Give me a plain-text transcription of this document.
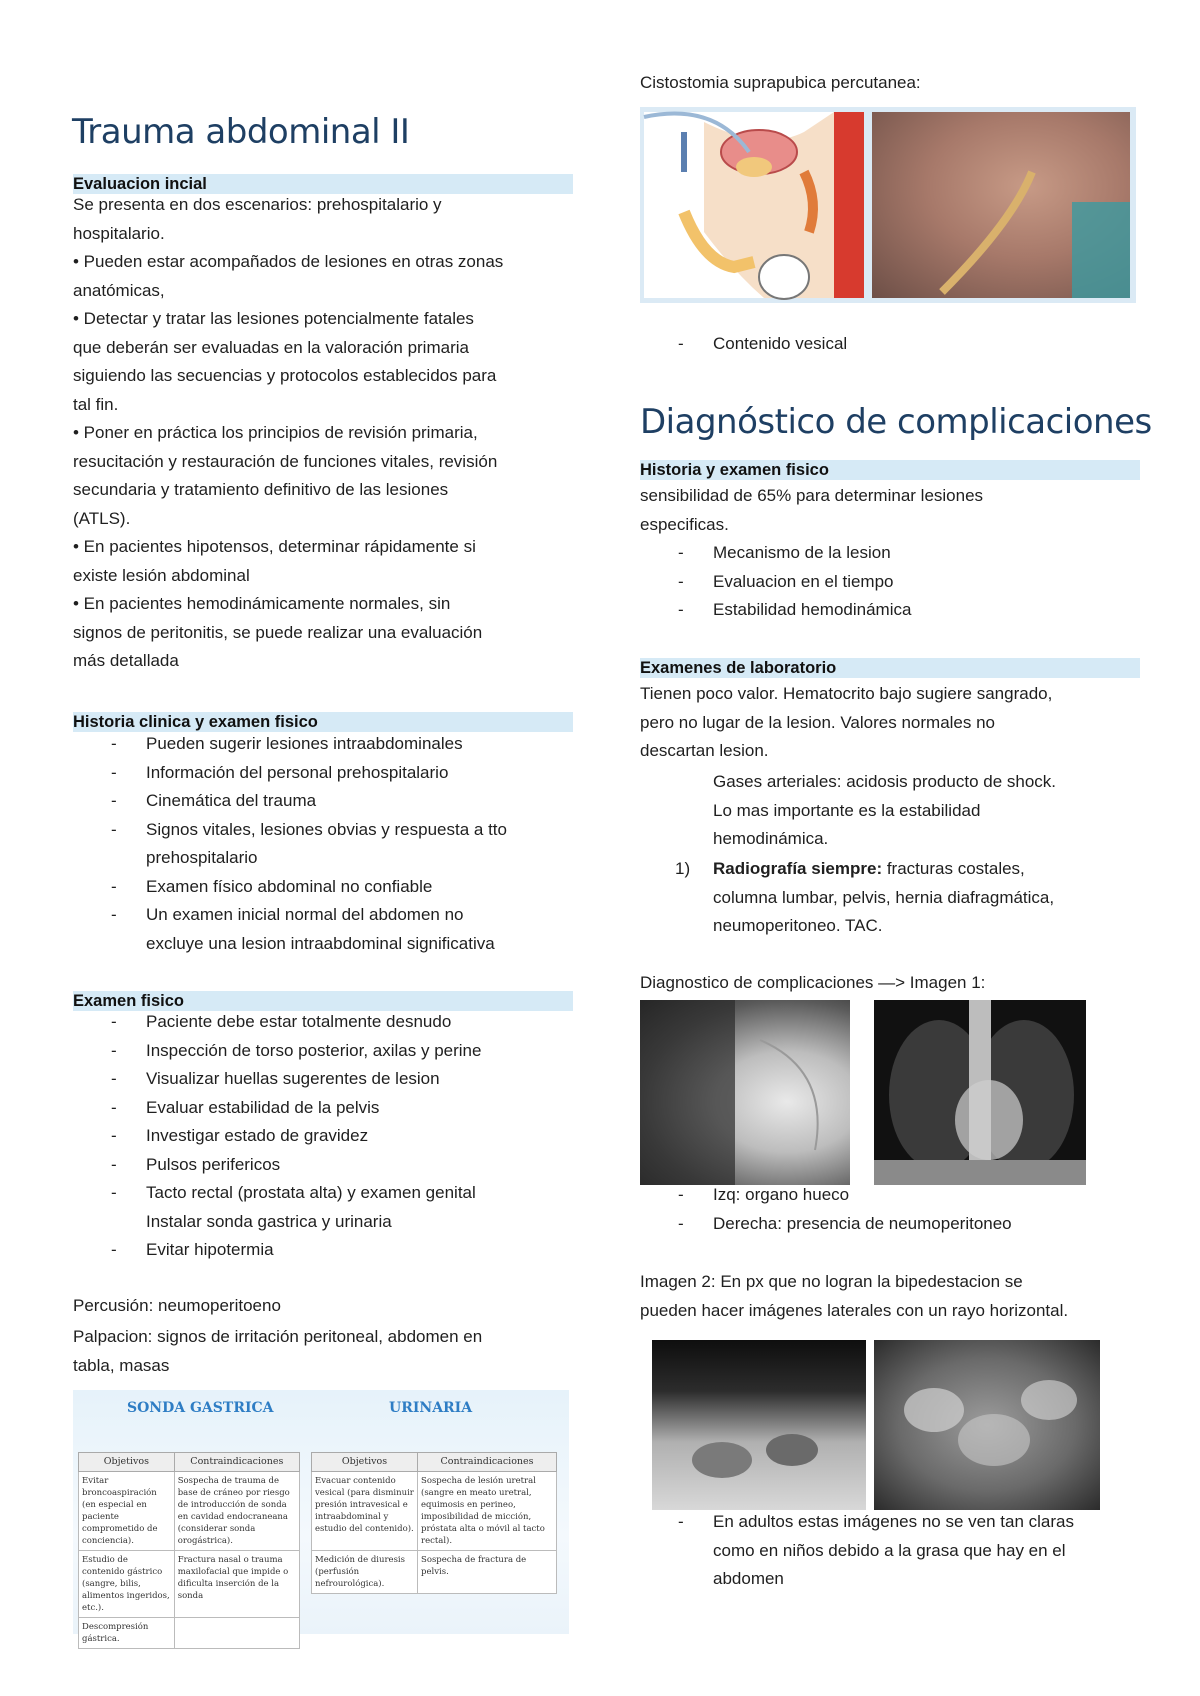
Trauma abdominal II
Evaluacion incial
Se presenta en dos escenarios: prehospitalario y
hospitalario.
• Pueden estar acompañados de lesiones en otras zonas
anatómicas,
• Detectar y tratar las lesiones potencialmente fatales
que deberán ser evaluadas en la valoración primaria
siguiendo las secuencias y protocolos establecidos para
tal fin.
• Poner en práctica los principios de revisión primaria,
resucitación y restauración de funciones vitales, revisión
secundaria y tratamiento definitivo de las lesiones
(ATLS).
• En pacientes hipotensos, determinar rápidamente si
existe lesión abdominal
• En pacientes hemodinámicamente normales, sin
signos de peritonitis, se puede realizar una evaluación
más detallada
Historia clinica y examen fisico
- Pueden sugerir lesiones intraabdominales
- Información del personal prehospitalario
- Cinemática del trauma
- Signos vitales, lesiones obvias y respuesta a tto
prehospitalario
- Examen físico abdominal no confiable
- Un examen inicial normal del abdomen no
excluye una lesion intraabdominal significativa
Examen fisico
- Paciente debe estar totalmente desnudo
- Inspección de torso posterior, axilas y perine
- Visualizar huellas sugerentes de lesion
- Evaluar estabilidad de la pelvis
- Investigar estado de gravidez
- Pulsos perifericos
- Tacto rectal (prostata alta) y examen genital
Instalar sonda gastrica y urinaria
- Evitar hipotermia
Percusión: neumoperitoeno
Palpacion: signos de irritación peritoneal, abdomen en
tabla, masas
SONDA GASTRICA	URINARIA
Objetivos	Contraindicaciones
Evitar broncoaspiración (en especial en paciente comprometido de conciencia).	Sospecha de trauma de base de cráneo por riesgo de introducción de sonda en cavidad endocraneana (considerar sonda orogástrica).
Estudio de contenido gástrico (sangre, bilis, alimentos ingeridos, etc.).	Fractura nasal o trauma maxilofacial que impide o dificulta inserción de la sonda
Descompresión gástrica.	
Objetivos	Contraindicaciones
Evacuar contenido vesical (para disminuir presión intravesical e intraabdominal y estudio del contenido).	Sospecha de lesión uretral (sangre en meato uretral, equimosis en perineo, imposibilidad de micción, próstata alta o móvil al tacto rectal).
Medición de diuresis (perfusión nefrourológica).	Sospecha de fractura de pelvis.
Cistostomia suprapubica percutanea:
- Contenido vesical
Diagnóstico de complicaciones
Historia y examen fisico
sensibilidad de 65% para determinar lesiones
especificas.
- Mecanismo de la lesion
- Evaluacion en el tiempo
- Estabilidad hemodinámica
Examenes de laboratorio
Tienen poco valor. Hematocrito bajo sugiere sangrado,
pero no lugar de la lesion. Valores normales no
descartan lesion.
Gases arteriales: acidosis producto de shock.
Lo mas importante es la estabilidad
hemodinámica.
1) Radiografía siempre: fracturas costales,
columna lumbar, pelvis, hernia diafragmática,
neumoperitoneo. TAC.
Diagnostico de complicaciones —> Imagen 1:
- Izq: organo hueco
- Derecha: presencia de neumoperitoneo
Imagen 2: En px que no logran la bipedestacion se
pueden hacer imágenes laterales con un rayo horizontal.
- En adultos estas imágenes no se ven tan claras
como en niños debido a la grasa que hay en el
abdomen
